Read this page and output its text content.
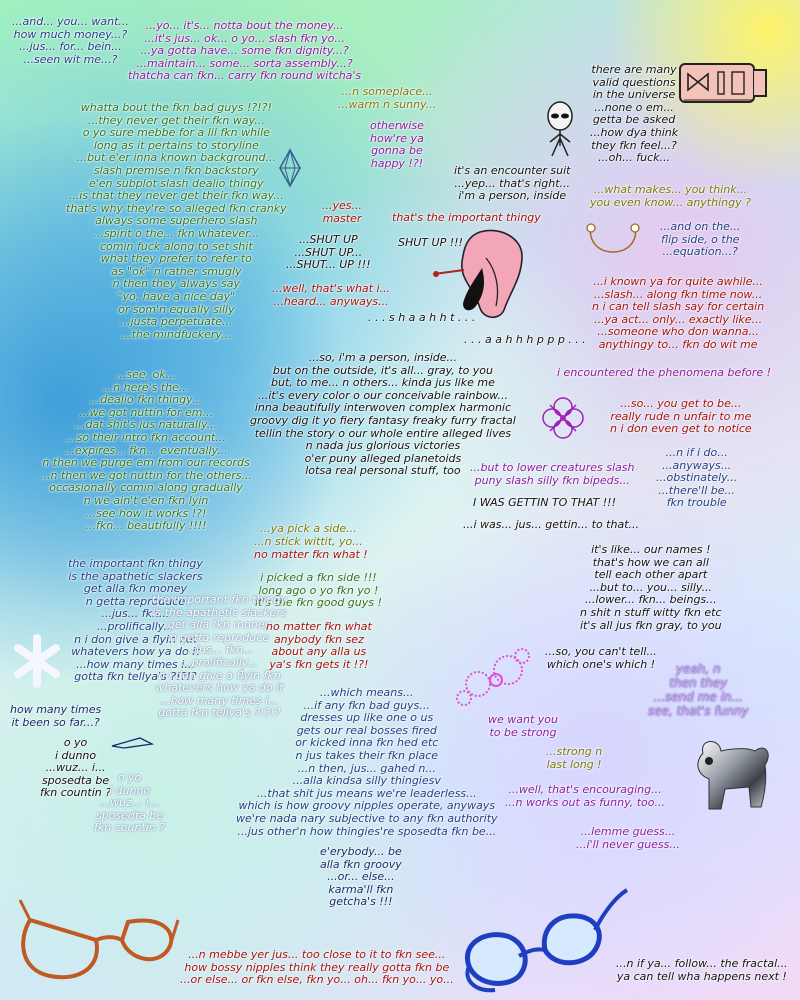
...and... you... want...
how much money...?
...jus... for... bein...
...seen wit me...?

...yo... it's... notta bout the money...
...it's jus... ok... o yo... slash fkn yo...
...ya gotta have... some fkn dignity...?
...maintain... some... sorta assembly...?
thatcha can fkn... carry fkn round witcha's

...n someplace...
...warm n sunny...

otherwise
how're ya
gonna be
happy !?!

there are many
valid questions
in the universe
...none o em...
getta be asked
...how dya think
they fkn feel...?
...oh... fuck...

whatta bout the fkn bad guys !?!?!
...they never get their fkn way...
o yo sure mebbe for a lil fkn while
long as it pertains to storyline
...but e'er inna known background...
slash premise n fkn backstory
e'en subplot slash dealio thingy
...is that they never get their fkn way...
that's why they're so alleged fkn cranky
always some superhero slash
...spirit o the... fkn whatever...
comin fuck along to set shit
what they prefer to refer to
as "ok" n rather smugly
n then they always say
"yo, have a nice day"
or som'n equally silly
...justa perpetuate...
...the mindfuckery...

it's an encounter suit
...yep... that's right...
i'm a person, inside	...what makes... you think...
you even know... anythingy ?

...yes...
master	that's the important thingy

SHUT UP !!!

...SHUT UP
...SHUT UP...
...SHUT... UP !!!

...and on the...
flip side, o the
...equation...?

...well, that's what i...
...heard... anyways...

...i known ya for quite awhile...
...slash... along fkn time now...
n i can tell slash say for certain
...ya act... only... exactly like...
...someone who don wanna...
anythingy to... fkn do wit me

. . . s h a a h h t . . .

. . . a a h h h p p p . . .

...so, i'm a person, inside...
but on the outside, it's all... gray, to you
but, to me... n others... kinda jus like me
...it's every color o our conceivable rainbow...
inna beautifully interwoven complex harmonic
groovy dig it yo fiery fantasy freaky furry fractal
tellin the story o our whole entire alleged lives
n nada jus glorious victories
o'er puny alleged planetoids
lotsa real personal stuff, too

i encountered the phenomena before !

...see, ok...
...n here's the...
...dealio fkn thingy...
...we got nuttin for em...
...dat shit's jus naturally...
...so their intro fkn account...
...expires... fkn... eventually...
n then we purge em from our records
...n then we got nuttin for the others...
occasionally comin along gradually
n we ain't e'en fkn lyin
...see how it works !?!
...fkn... beautifully !!!!

...so... you get to be...
really rude n unfair to me
n i don even get to notice

...n if i do...
...anyways...
...obstinately...
...there'll be...
fkn trouble

...but to lower creatures slash
puny slash silly fkn bipeds...

I WAS GETTIN TO THAT !!!

...i was... jus... gettin... to that...

...ya pick a side...
...n stick wittit, yo...

no matter fkn what !	it's like... our names !
that's how we can all
tell each other apart
...but to... you... silly...
...lower... fkn... beings...
n shit n stuff witty fkn etc
it's all jus fkn gray, to you

i picked a fkn side !!!
long ago o yo fkn yo !
it's the fkn good guys !

the important fkn thingy
is the apathetic slackers
get alla fkn money
n getta reproduce
...jus... fkn...
...prolifically...
n i don give a flyin fkn
whatevers how ya do it
...how many times i...
gotta fkn tellya's ?!?!?

the important fkn thingy
is the apathetic slackers
get alla fkn money
n getta reproduce
...jus... fkn...
...prolifically...
n i don give a flyin fkn
whatevers how ya do it
...how many times i...
gotta fkn tellya's ?!?!?

no matter fkn what
anybody fkn sez
about any alla us
ya's fkn gets it !?!

...so, you can't tell...
which one's which !	yeah, n
then they
...send me in...
see, that's funny

how many times
it been so far...?

...which means...
...if any fkn bad guys...
dresses up like one o us
gets our real bosses fired
or kicked inna fkn hed etc
n jus takes their fkn place
...n then, jus... gahed n...
...alla kindsa silly thingiesv
...that shit jus means we're leaderless...
which is how groovy nipples operate, anyways
we're nada nary subjective to any fkn authority
...jus other'n how thingies're sposedta fkn be...

we want you
to be strong

o yo
i dunno
...wuz... i...
sposedta be
fkn countin ?

o yo
i dunno
...wuz... i...
sposedta be
fkn countin ?

...strong n
last long !

...well, that's encouraging...
...n works out as funny, too...

...lemme guess...
...i'll never guess...

e'erybody... be
alla fkn groovy
...or... else...
karma'll fkn
getcha's !!!

...n mebbe yer jus... too close to it to fkn see...
how bossy nipples think they really gotta fkn be
...or else... or fkn else, fkn yo... oh... fkn yo... yo...

...n if ya... follow... the fractal...
ya can tell wha happens next !
